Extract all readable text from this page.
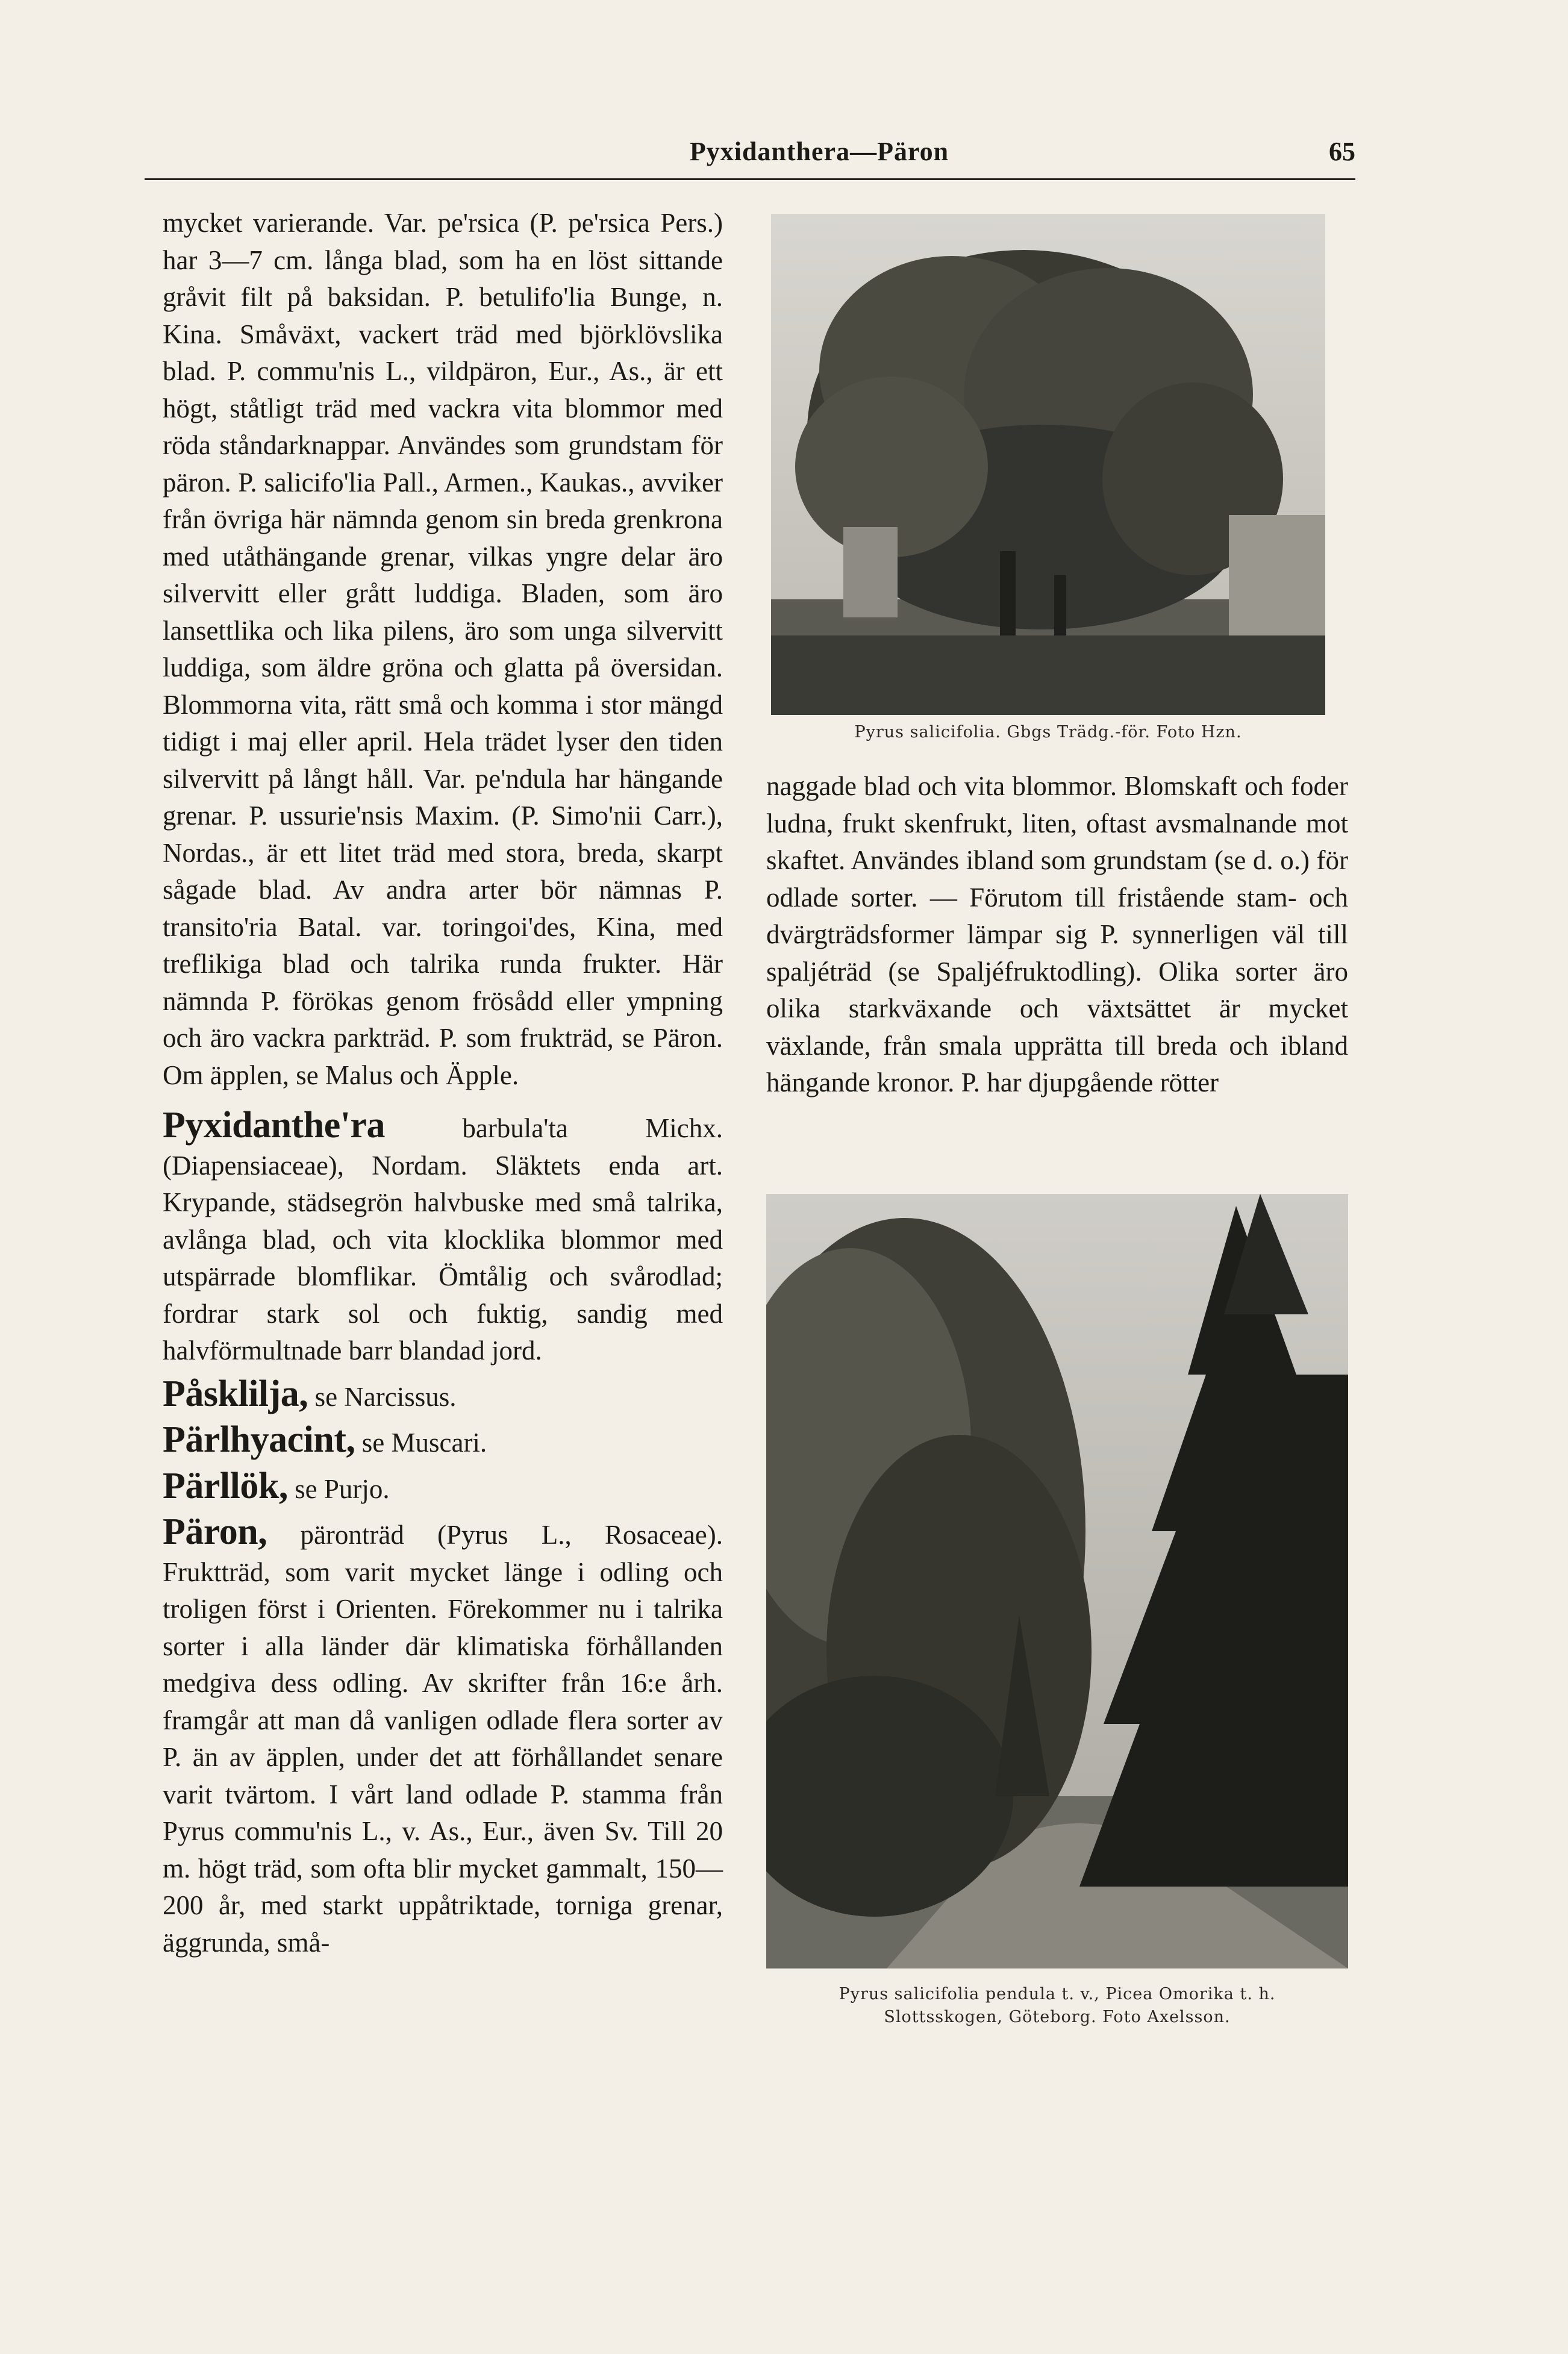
Pyxidanthera—Päron	65

mycket varierande. Var. pe'rsica (P. pe'rsica Pers.) har 3—7 cm. långa blad, som ha en löst sittande gråvit filt på baksidan. P. betulifo'lia Bunge, n. Kina. Småväxt, vackert träd med björklövslika blad. P. commu'nis L., vildpäron, Eur., As., är ett högt, ståtligt träd med vackra vita blommor med röda ståndarknappar. Användes som grundstam för päron. P. salicifo'lia Pall., Armen., Kaukas., avviker från övriga här nämnda genom sin breda grenkrona med utåthängande grenar, vilkas yngre delar äro silvervitt eller grått luddiga. Bladen, som äro lansettlika och lika pilens, äro som unga silvervitt luddiga, som äldre gröna och glatta på översidan. Blommorna vita, rätt små och komma i stor mängd tidigt i maj eller april. Hela trädet lyser den tiden silvervitt på långt håll. Var. pe'ndula har hängande grenar. P. ussurie'nsis Maxim. (P. Simo'nii Carr.), Nordas., är ett litet träd med stora, breda, skarpt sågade blad. Av andra arter bör nämnas P. transito'ria Batal. var. toringoi'des, Kina, med treflikiga blad och talrika runda frukter. Här nämnda P. förökas genom frösådd eller ympning och äro vackra parkträd. P. som frukträd, se Päron. Om äpplen, se Malus och Äpple.

Pyxidanthe'ra	barbula'ta Michx. (Diapensiaceae), Nordam. Släktets enda art. Krypande, städsegrön halvbuske med små talrika, avlånga blad, och vita klocklika blommor med utspärrade blomflikar. Ömtålig och svårodlad; fordrar stark sol och fuktig, sandig med halvförmultnade barr blandad jord.

Påsklilja, se Narcissus.

Pärlhyacint, se Muscari.

Pärllök, se Purjo.

Päron, päronträd (Pyrus L., Rosaceae). Fruktträd, som varit mycket länge i odling och troligen först i Orienten. Förekommer nu i talrika sorter i alla länder där klimatiska förhållanden medgiva dess odling. Av skrifter från 16:e årh. framgår att man då vanligen odlade flera sorter av P. än av äpplen, under det att förhållandet senare varit tvärtom. I vårt land odlade P. stamma från Pyrus commu'nis L., v. As., Eur., även Sv. Till 20 m. högt träd, som ofta blir mycket gammalt, 150—200 år, med starkt uppåtriktade, torniga grenar, äggrunda, små-

Pyrus salicifolia. Gbgs Trädg.-för. Foto Hzn.
naggade blad och vita blommor. Blomskaft och foder ludna, frukt skenfrukt, liten, oftast avsmalnande mot skaftet. Användes ibland som grundstam (se d. o.) för odlade sorter. — Förutom till fristående stam- och dvärgträdsformer lämpar sig P. synnerligen väl till spaljéträd (se Spaljéfruktodling). Olika sorter äro olika starkväxande och växtsättet är mycket växlande, från smala upprätta till breda och ibland hängande kronor. P. har djupgående rötter
Pyrus salicifolia pendula t. v., Picea Omorika t. h.
Slottsskogen, Göteborg. Foto Axelsson.
